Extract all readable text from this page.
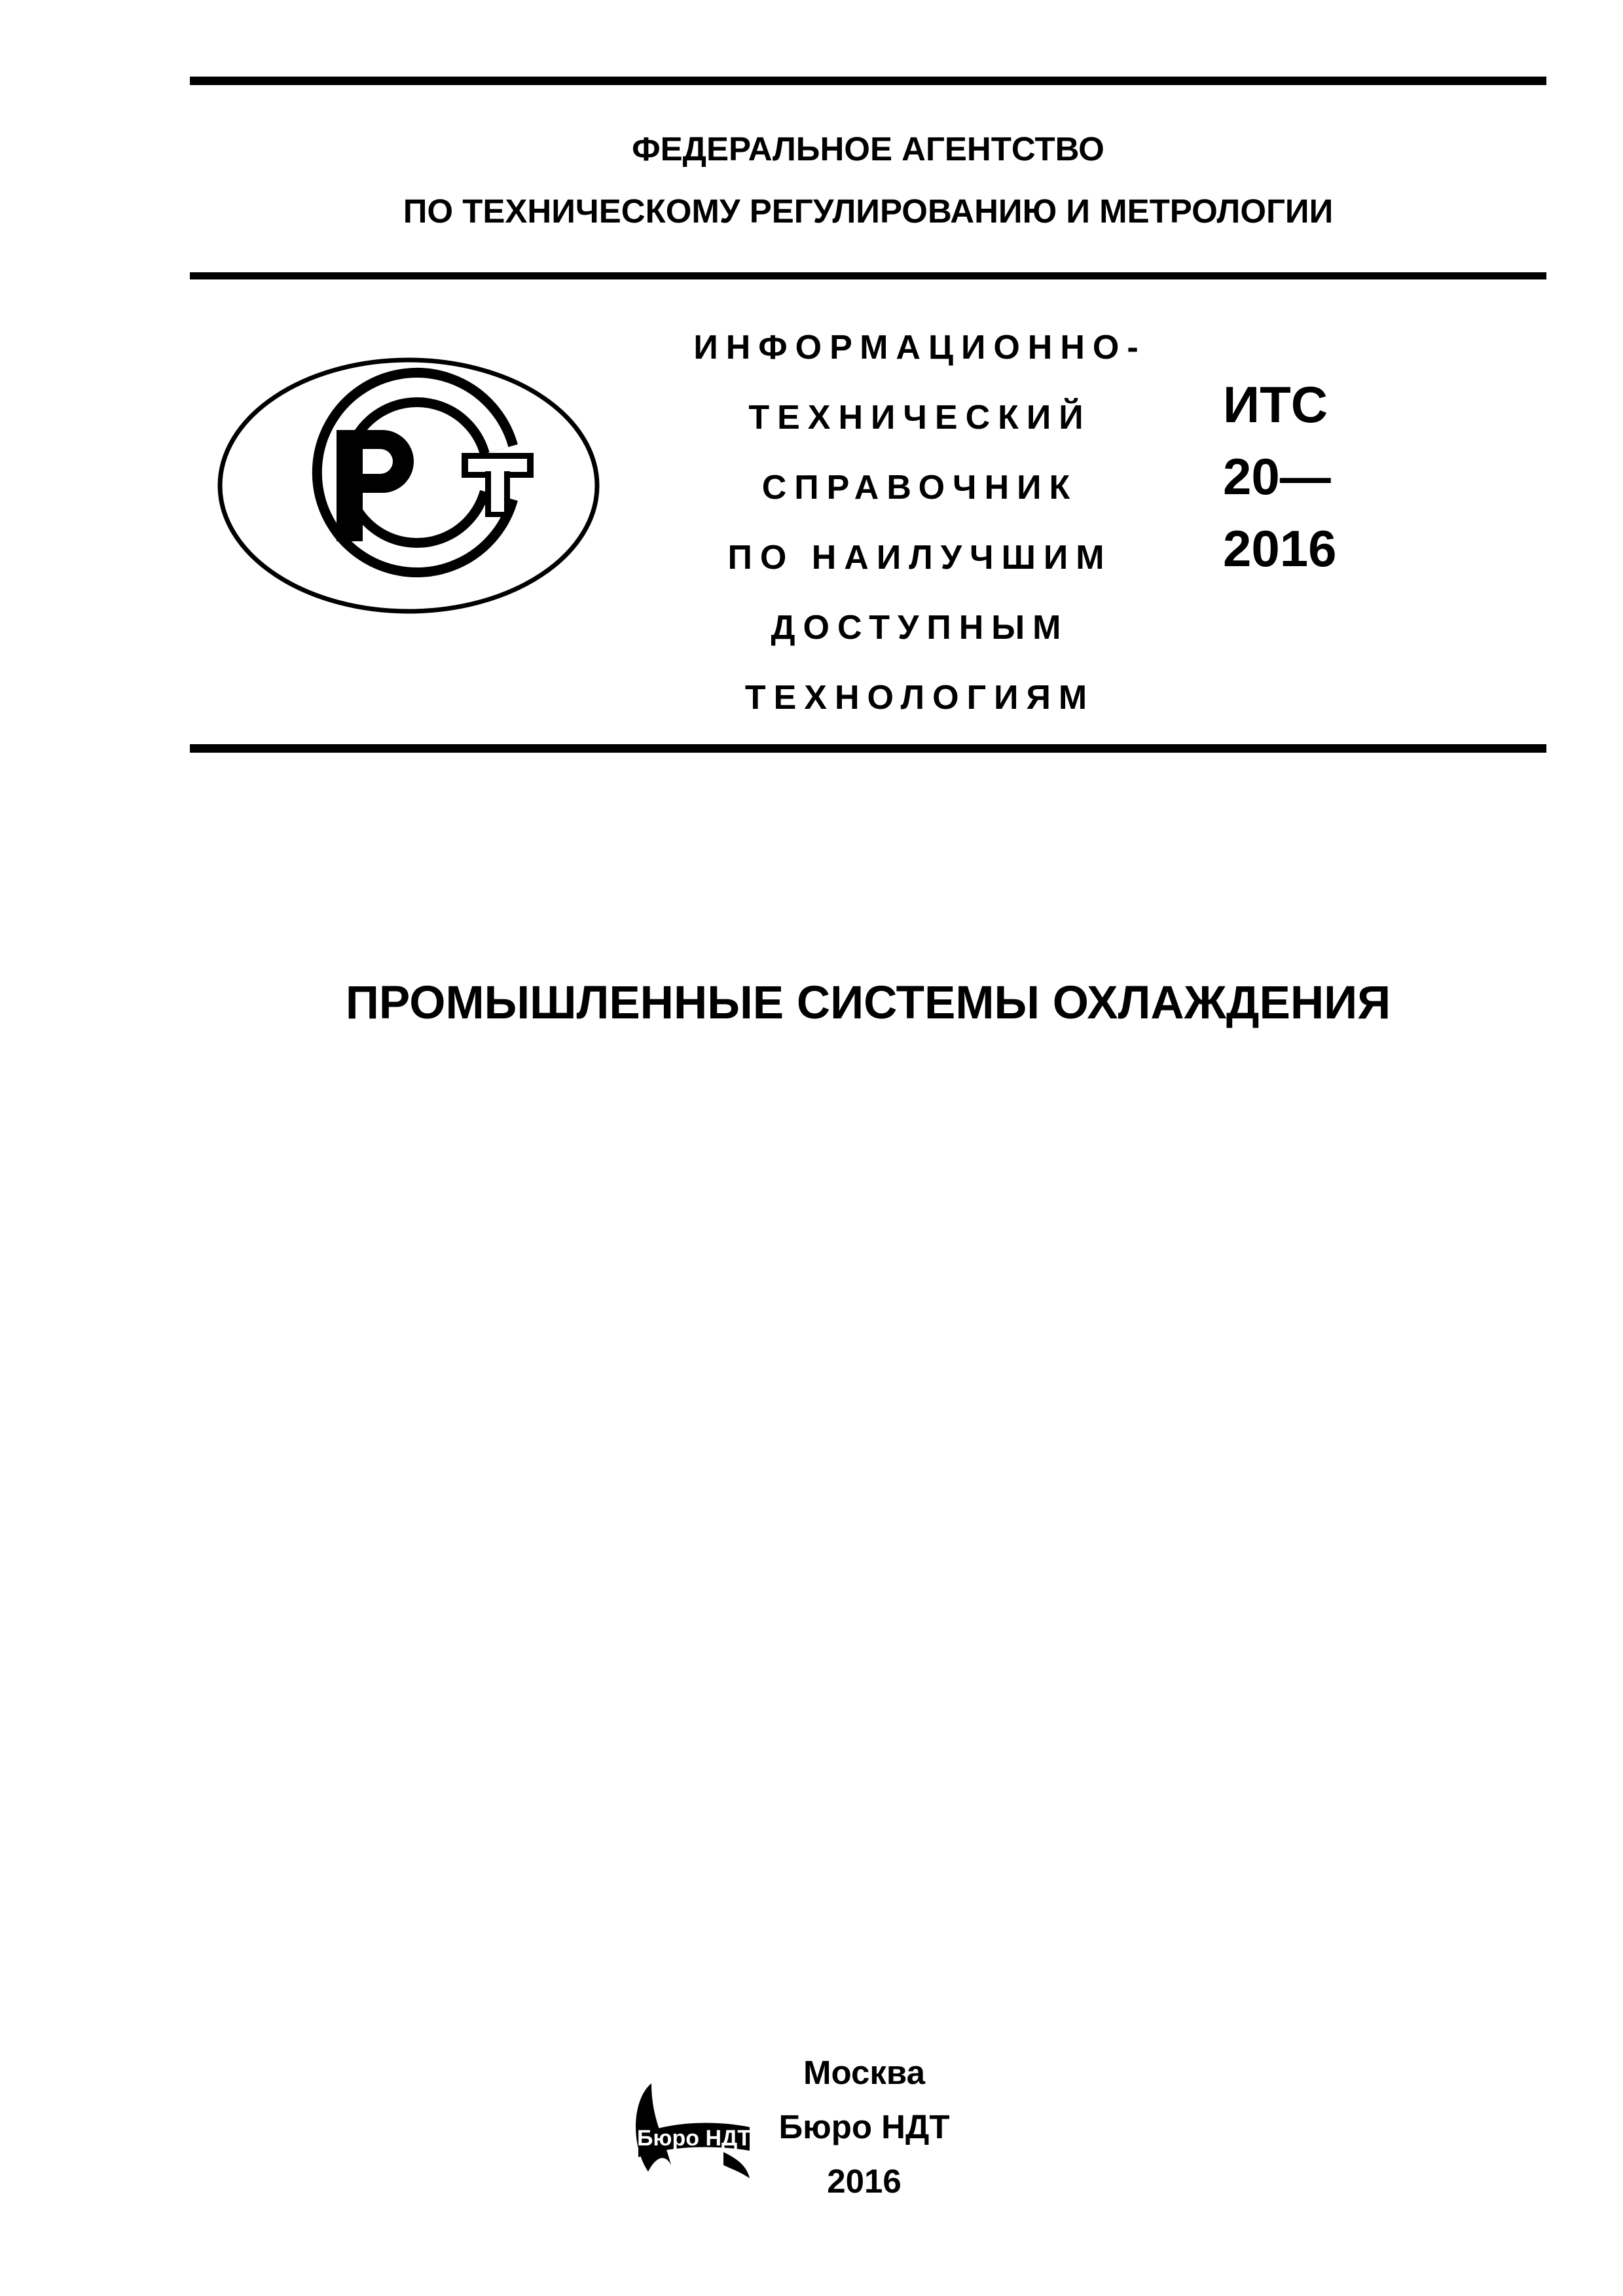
ФЕДЕРАЛЬНОЕ АГЕНТСТВО
ПО ТЕХНИЧЕСКОМУ РЕГУЛИРОВАНИЮ И МЕТРОЛОГИИ
ИНФОРМАЦИОННО-
ТЕХНИЧЕСКИЙ
СПРАВОЧНИК
ПО НАИЛУЧШИМ
ДОСТУПНЫМ
ТЕХНОЛОГИЯМ
ИТС
20—
2016
ПРОМЫШЛЕННЫЕ СИСТЕМЫ ОХЛАЖДЕНИЯ
Бюро НДТ
Москва
Бюро НДТ
2016
